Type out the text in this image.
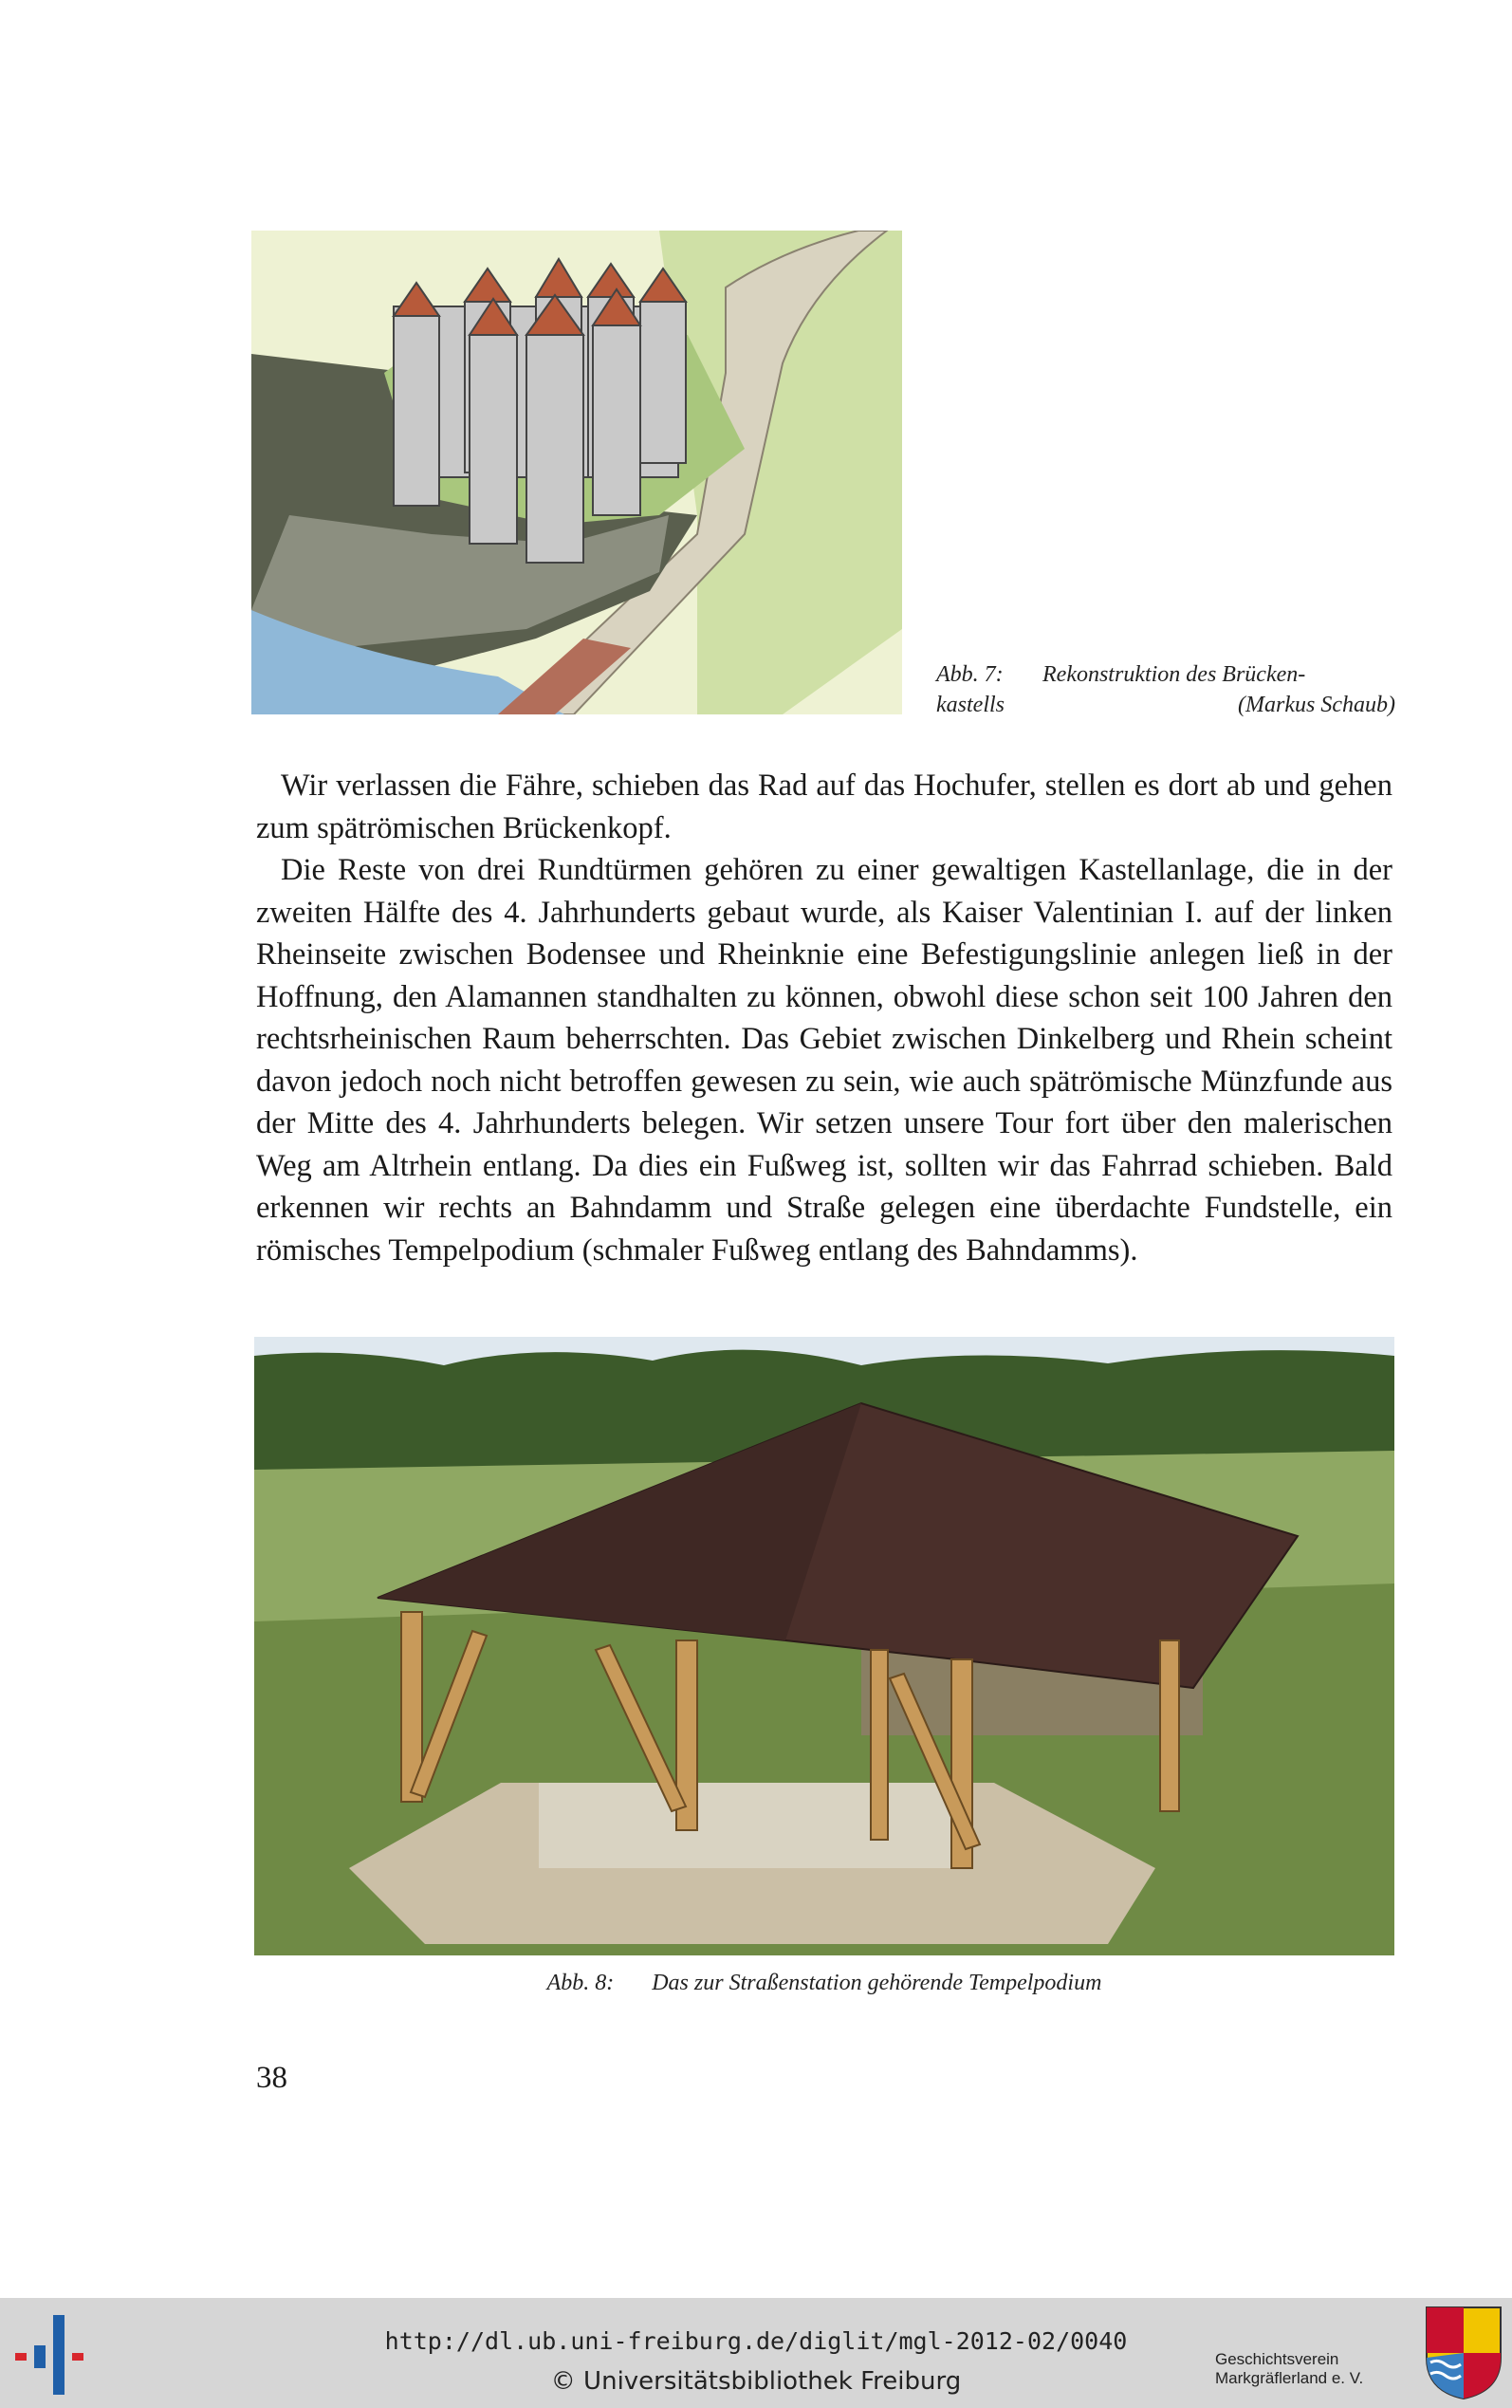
Abb. 7: Rekonstruktion des Brücken-
kastells	(Markus Schaub)

Wir verlassen die Fähre, schieben das Rad auf das Hochufer, stellen es dort ab und gehen zum spätrömischen Brückenkopf.

Die Reste von drei Rundtürmen gehören zu einer gewaltigen Kastellanlage, die in der zweiten Hälfte des 4. Jahrhunderts gebaut wurde, als Kaiser Valentinian I. auf der linken Rheinseite zwischen Bodensee und Rheinknie eine Befestigungslinie anlegen ließ in der Hoffnung, den Alamannen standhalten zu können, obwohl diese schon seit 100 Jahren den rechtsrheinischen Raum beherrschten. Das Gebiet zwischen Dinkelberg und Rhein scheint davon jedoch noch nicht betroffen gewesen zu sein, wie auch spätrömische Münzfunde aus der Mitte des 4. Jahrhunderts belegen. Wir setzen unsere Tour fort über den malerischen Weg am Altrhein entlang. Da dies ein Fußweg ist, sollten wir das Fahrrad schieben. Bald erkennen wir rechts an Bahndamm und Straße gelegen eine überdachte Fundstelle, ein römisches Tempelpodium (schmaler Fußweg entlang des Bahndamms).

Abb. 8: Das zur Straßenstation gehörende Tempelpodium
38
http://dl.ub.uni-freiburg.de/diglit/mgl-2012-02/0040
© Universitätsbibliothek Freiburg
Geschichtsverein
Markgräflerland e. V.
